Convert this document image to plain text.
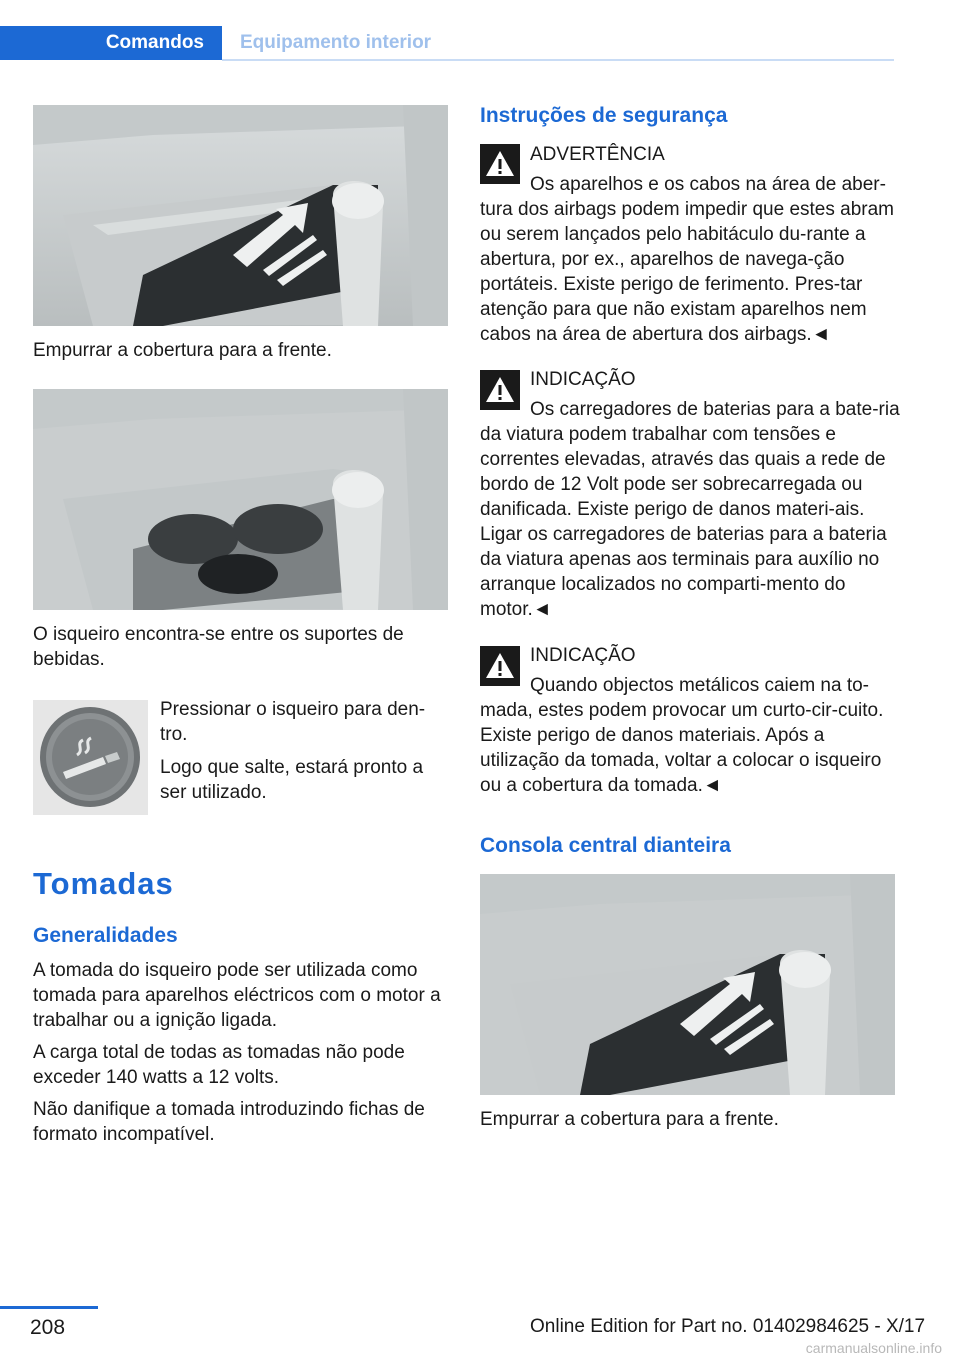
Comandos	Equipamento interior

Empurrar a cobertura para a frente.

O isqueiro encontra-se entre os suportes de bebidas.

Pressionar o isqueiro para den-tro.

Logo que salte, estará pronto a ser utilizado.

Tomadas
Generalidades

A tomada do isqueiro pode ser utilizada como tomada para aparelhos eléctricos com o motor a trabalhar ou a ignição ligada.

A carga total de todas as tomadas não pode exceder 140 watts a 12 volts.

Não danifique a tomada introduzindo fichas de formato incompatível.

Instruções de segurança
ADVERTÊNCIA

Os aparelhos e os cabos na área de aber-tura dos airbags podem impedir que estes abram ou serem lançados pelo habitáculo du-rante a abertura, por ex., aparelhos de navega-ção portáteis. Existe perigo de ferimento. Pres-tar atenção para que não existam aparelhos nem cabos na área de abertura dos airbags.◄

INDICAÇÃO

Os carregadores de baterias para a bate-ria da viatura podem trabalhar com tensões e correntes elevadas, através das quais a rede de bordo de 12 Volt pode ser sobrecarregada ou danificada. Existe perigo de danos materi-ais. Ligar os carregadores de baterias para a bateria da viatura apenas aos terminais para auxílio no arranque localizados no comparti-mento do motor.◄

INDICAÇÃO

Quando objectos metálicos caiem na to-mada, estes podem provocar um curto-cir-cuito. Existe perigo de danos materiais. Após a utilização da tomada, voltar a colocar o isqueiro ou a cobertura da tomada.◄

Consola central dianteira

Empurrar a cobertura para a frente.

208	Online Edition for Part no. 01402984625 - X/17
carmanualsonline.info
